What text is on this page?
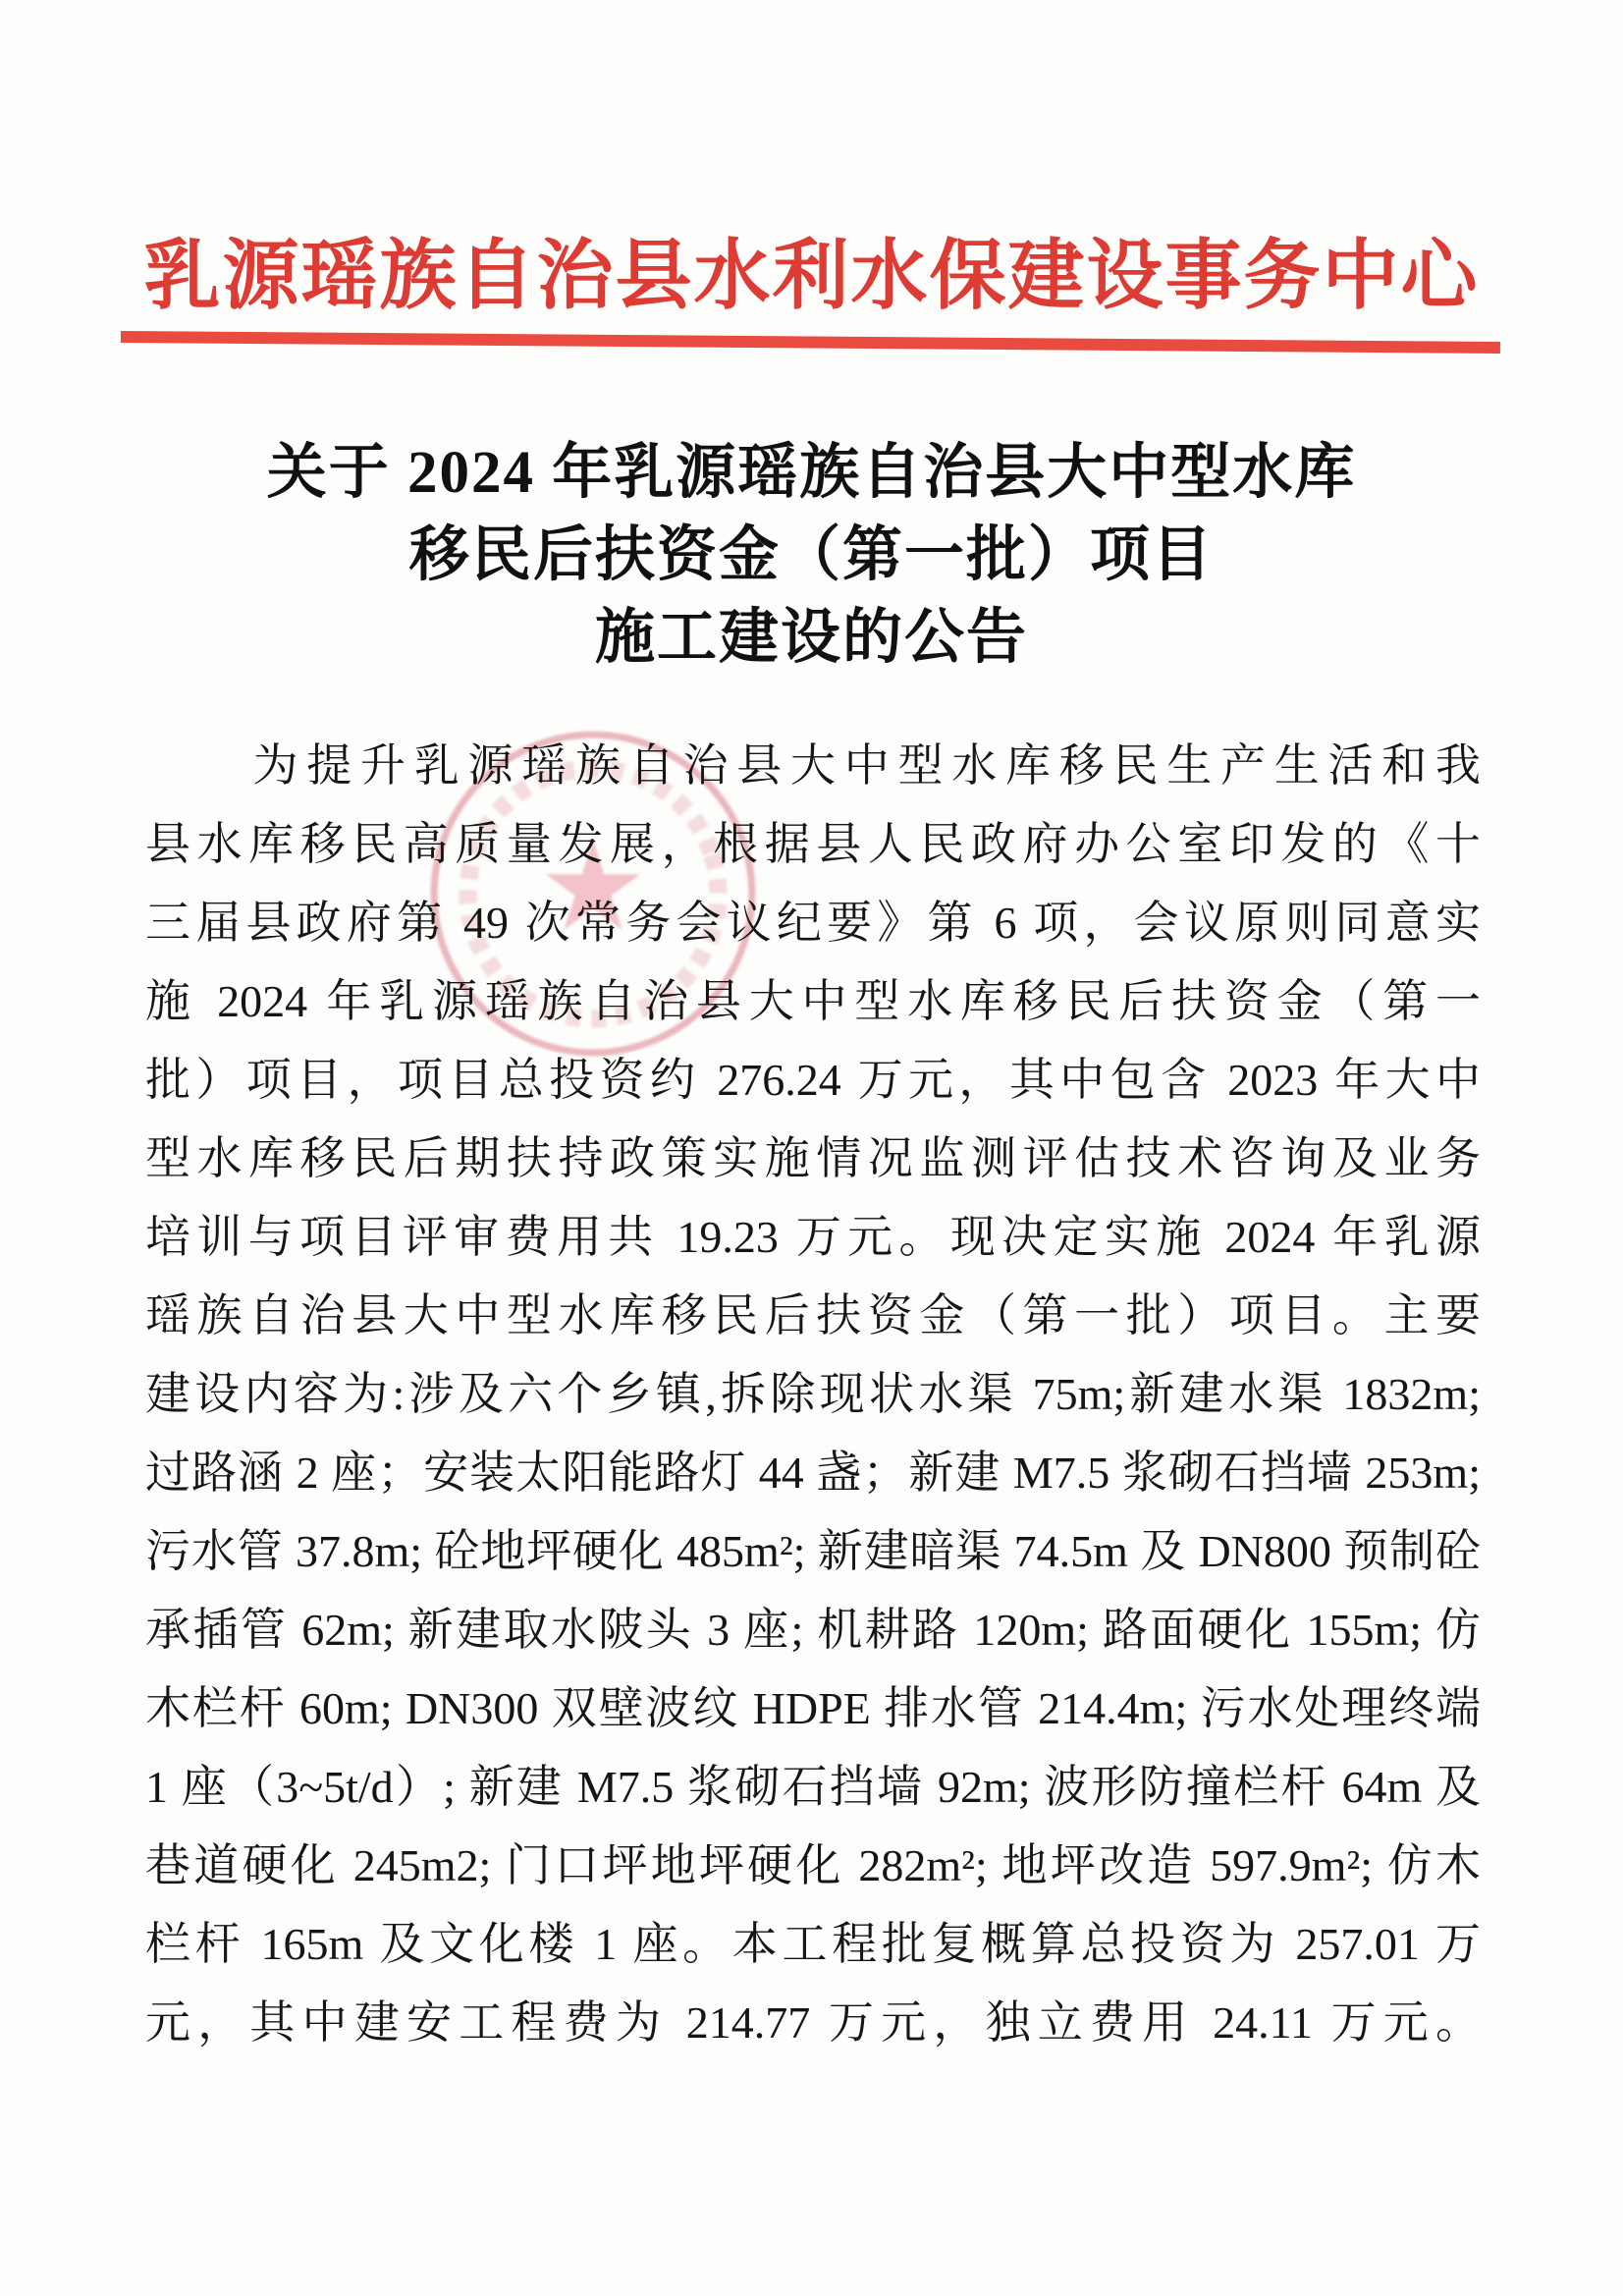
乳源瑶族自治县水利水保建设事务中心
关于 2024 年乳源瑶族自治县大中型水库
移民后扶资金（第一批）项目
施工建设的公告
　　为提升乳源瑶族自治县大中型水库移民生产生活和我
县水库移民高质量发展，根据县人民政府办公室印发的《十
三届县政府第 49 次常务会议纪要》第 6 项，会议原则同意实
施 2024 年乳源瑶族自治县大中型水库移民后扶资金（第一
批）项目，项目总投资约 276.24 万元，其中包含 2023 年大中
型水库移民后期扶持政策实施情况监测评估技术咨询及业务
培训与项目评审费用共 19.23 万元。现决定实施 2024 年乳源
瑶族自治县大中型水库移民后扶资金（第一批）项目。主要
建设内容为:涉及六个乡镇,拆除现状水渠 75m;新建水渠 1832m;
过路涵 2 座；安装太阳能路灯 44 盏；新建 M7.5 浆砌石挡墙 253m;
污水管 37.8m; 砼地坪硬化 485m²; 新建暗渠 74.5m 及 DN800 预制砼
承插管 62m; 新建取水陂头 3 座; 机耕路 120m; 路面硬化 155m; 仿
木栏杆 60m; DN300 双壁波纹 HDPE 排水管 214.4m; 污水处理终端
1 座（3~5t/d）; 新建 M7.5 浆砌石挡墙 92m; 波形防撞栏杆 64m 及
巷道硬化 245m2; 门口坪地坪硬化 282m²; 地坪改造 597.9m²; 仿木
栏杆 165m 及文化楼 1 座。本工程批复概算总投资为 257.01 万
元，其中建安工程费为 214.77 万元，独立费用 24.11 万元。
